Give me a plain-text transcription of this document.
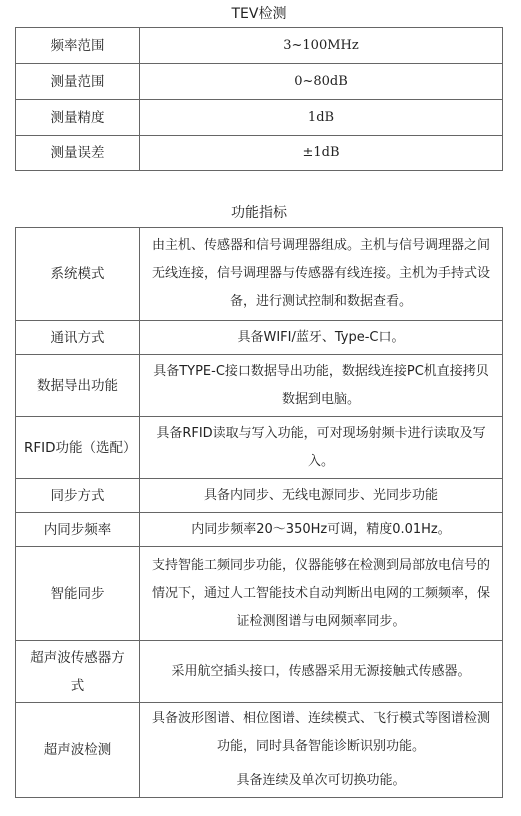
TEV检测
频率范围	3~100MHz
测量范围	0~80dB
测量精度	1dB
测量误差	±1dB
功能指标
系统模式	由主机、传感器和信号调理器组成。主机与信号调理器之间无线连接，信号调理器与传感器有线连接。主机为手持式设备，进行测试控制和数据查看。
通讯方式	具备WIFI/蓝牙、Type-C口。
数据导出功能	具备TYPE-C接口数据导出功能，数据线连接PC机直接拷贝数据到电脑。
RFID功能（选配）	具备RFID读取与写入功能，可对现场射频卡进行读取及写入。
同步方式	具备内同步、无线电源同步、光同步功能
内同步频率	内同步频率20～350Hz可调，精度0.01Hz。
智能同步	支持智能工频同步功能，仪器能够在检测到局部放电信号的情况下，通过人工智能技术自动判断出电网的工频频率，保证检测图谱与电网频率同步。
超声波传感器方式	采用航空插头接口，传感器采用无源接触式传感器。
超声波检测	具备波形图谱、相位图谱、连续模式、飞行模式等图谱检测功能，同时具备智能诊断识别功能。
具备连续及单次可切换功能。
